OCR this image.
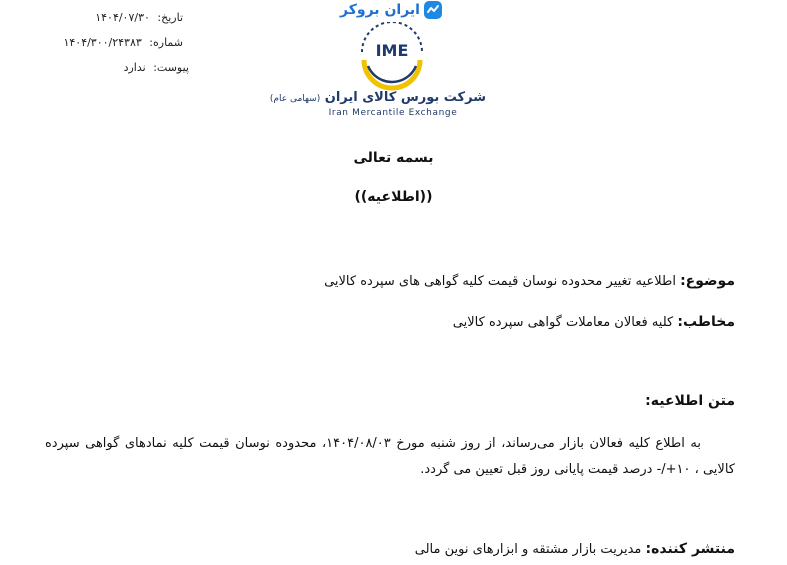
ایران بروکر
IME
شرکت بورس کالای ایران (سهامی عام)
Iran Mercantile Exchange
تاریخ: ۱۴۰۴/۰۷/۳۰
شماره: ۱۴۰۴/۳۰۰/۲۴۳۸۳
پیوست: ندارد
بسمه تعالی
((اطلاعیه))
موضوع: اطلاعیه تغییر محدوده نوسان قیمت کلیه گواهی های سپرده کالایی
مخاطب: کلیه فعالان معاملات گواهی سپرده کالایی
متن اطلاعیه:

به اطلاع کلیه فعالان بازار می‌رساند، از روز شنبه مورخ ۱۴۰۴/۰۸/۰۳، محدوده نوسان قیمت کلیه نمادهای گواهی سپرده کالایی ، ۱۰+/- درصد قیمت پایانی روز قبل تعیین می گردد.

منتشر کننده: مدیریت بازار مشتقه و ابزارهای نوین مالی
